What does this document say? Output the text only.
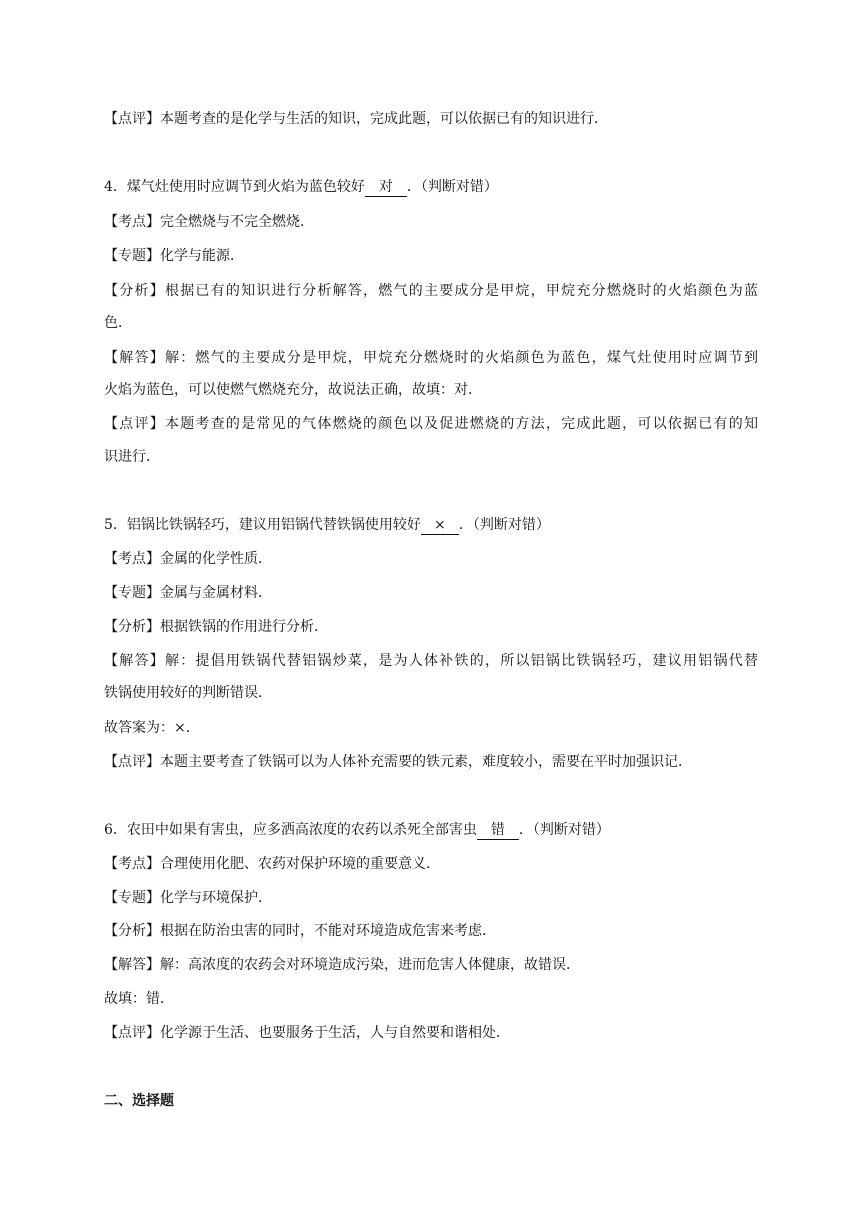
【点评】本题考查的是化学与生活的知识，完成此题，可以依据已有的知识进行．
4．煤气灶使用时应调节到火焰为蓝色较好 对 ．（判断对错）
【考点】完全燃烧与不完全燃烧．
【专题】化学与能源．
【分析】根据已有的知识进行分析解答，燃气的主要成分是甲烷，甲烷充分燃烧时的火焰颜色为蓝
色．
【解答】解：燃气的主要成分是甲烷，甲烷充分燃烧时的火焰颜色为蓝色，煤气灶使用时应调节到
火焰为蓝色，可以使燃气燃烧充分，故说法正确，故填：对．
【点评】本题考查的是常见的气体燃烧的颜色以及促进燃烧的方法，完成此题，可以依据已有的知
识进行．
5．铝锅比铁锅轻巧，建议用铝锅代替铁锅使用较好 × ．（判断对错）
【考点】金属的化学性质．
【专题】金属与金属材料．
【分析】根据铁锅的作用进行分析．
【解答】解：提倡用铁锅代替铝锅炒菜，是为人体补铁的，所以铝锅比铁锅轻巧，建议用铝锅代替
铁锅使用较好的判断错误．
故答案为：×．
【点评】本题主要考查了铁锅可以为人体补充需要的铁元素，难度较小，需要在平时加强识记．
6．农田中如果有害虫，应多洒高浓度的农药以杀死全部害虫 错 ．（判断对错）
【考点】合理使用化肥、农药对保护环境的重要意义．
【专题】化学与环境保护．
【分析】根据在防治虫害的同时，不能对环境造成危害来考虑．
【解答】解：高浓度的农药会对环境造成污染，进而危害人体健康，故错误．
故填：错．
【点评】化学源于生活、也要服务于生活，人与自然要和谐相处．
二、选择题
